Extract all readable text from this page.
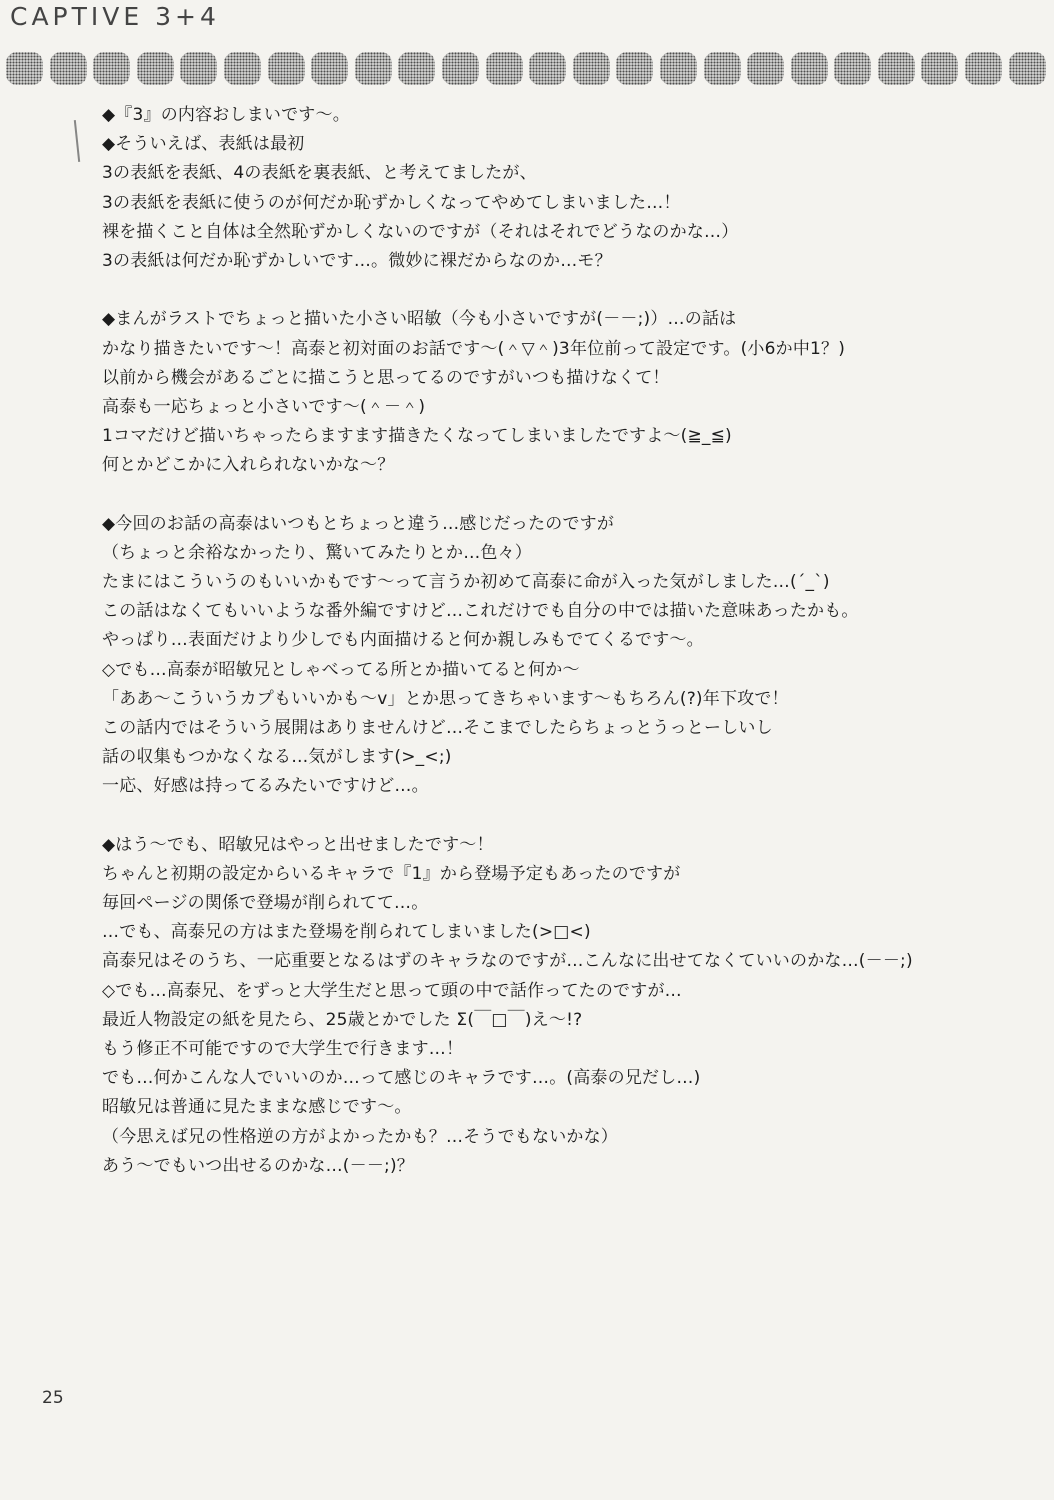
CAPTIVE 3+4
◆『3』の内容おしまいです～。
◆そういえば、表紙は最初
3の表紙を表紙、4の表紙を裏表紙、と考えてましたが、
3の表紙を表紙に使うのが何だか恥ずかしくなってやめてしまいました…！
裸を描くこと自体は全然恥ずかしくないのですが（それはそれでどうなのかな…）
3の表紙は何だか恥ずかしいです…。微妙に裸だからなのか…モ？
◆まんがラストでちょっと描いた小さい昭敏（今も小さいですが(－－;)）…の話は
かなり描きたいです～！高泰と初対面のお話です～(＾▽＾)3年位前って設定です。(小6か中1？)
以前から機会があるごとに描こうと思ってるのですがいつも描けなくて！
高泰も一応ちょっと小さいです～(＾－＾)
1コマだけど描いちゃったらますます描きたくなってしまいましたですよ～(≧_≦)
何とかどこかに入れられないかな～？
◆今回のお話の高泰はいつもとちょっと違う…感じだったのですが
（ちょっと余裕なかったり、驚いてみたりとか…色々）
たまにはこういうのもいいかもです～って言うか初めて高泰に命が入った気がしました…(´_`)
この話はなくてもいいような番外編ですけど…これだけでも自分の中では描いた意味あったかも。
やっぱり…表面だけより少しでも内面描けると何か親しみもでてくるです～。
◇でも…高泰が昭敏兄としゃべってる所とか描いてると何か～
「ああ～こういうカプもいいかも～v」とか思ってきちゃいます～もちろん(?)年下攻で！
この話内ではそういう展開はありませんけど…そこまでしたらちょっとうっとーしいし
話の収集もつかなくなる…気がします(>_<;)
一応、好感は持ってるみたいですけど…。
◆はう～でも、昭敏兄はやっと出せましたです～！
ちゃんと初期の設定からいるキャラで『1』から登場予定もあったのですが
毎回ページの関係で登場が削られてて…。
…でも、高泰兄の方はまた登場を削られてしまいました(>□<)
高泰兄はそのうち、一応重要となるはずのキャラなのですが…こんなに出せてなくていいのかな…(－－;)
◇でも…高泰兄、をずっと大学生だと思って頭の中で話作ってたのですが…
最近人物設定の紙を見たら、25歳とかでした Σ(￣□￣)え～!?
もう修正不可能ですので大学生で行きます…！
でも…何かこんな人でいいのか…って感じのキャラです…。(高泰の兄だし…)
昭敏兄は普通に見たままな感じです～。
（今思えば兄の性格逆の方がよかったかも？…そうでもないかな）
あう～でもいつ出せるのかな…(－－;)？
25
